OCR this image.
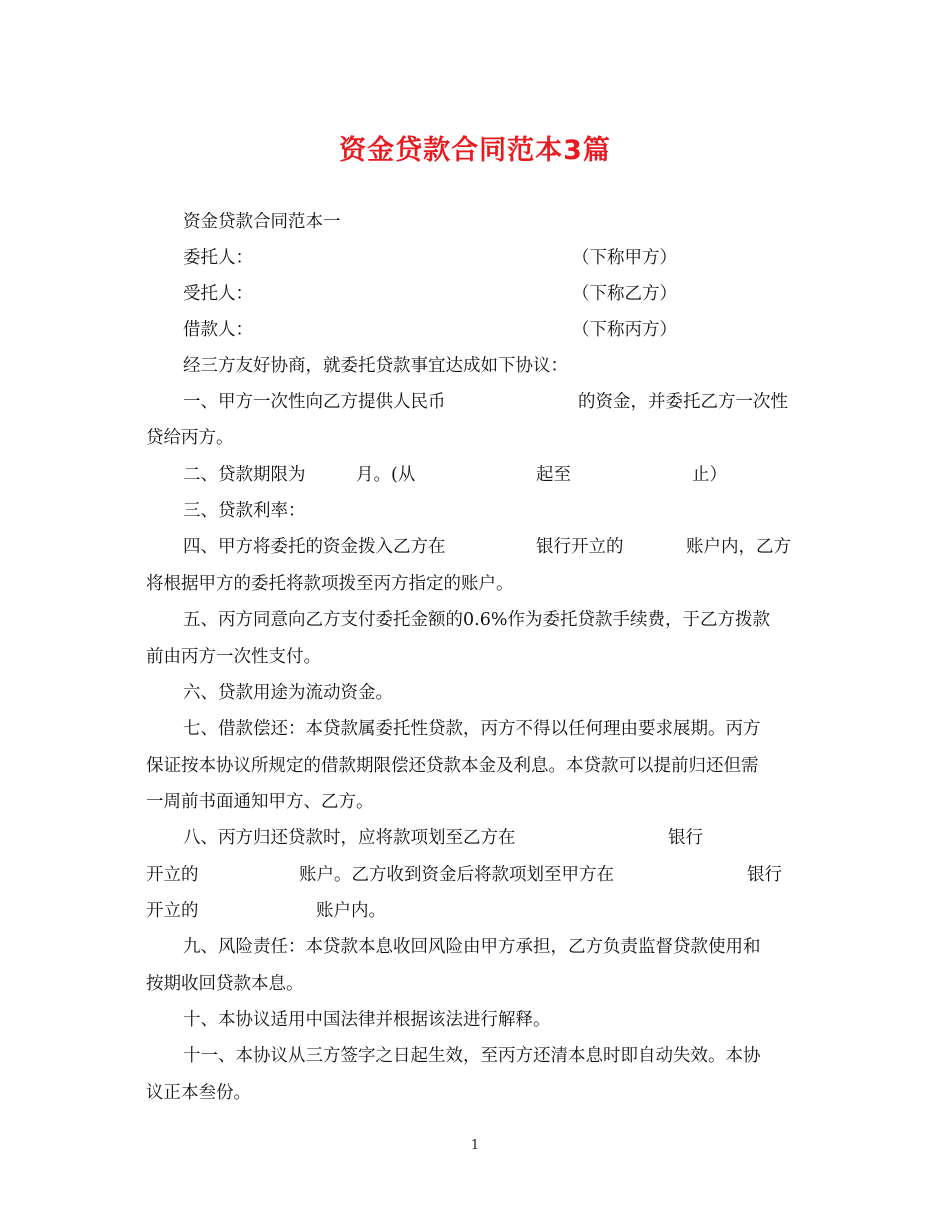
资金贷款合同范本3篇
资金贷款合同范本一
委托人：	（下称甲方）
受托人：	（下称乙方）
借款人：	（下称丙方）
经三方友好协商，就委托贷款事宜达成如下协议：
一、甲方一次性向乙方提供人民币	的资金，并委托乙方一次性
贷给丙方。
二、贷款期限为	月。(从	起至	止）
三、贷款利率：
四、甲方将委托的资金拨入乙方在	银行开立的	账户内，乙方
将根据甲方的委托将款项拨至丙方指定的账户。
五、丙方同意向乙方支付委托金额的0.6%作为委托贷款手续费，于乙方拨款
前由丙方一次性支付。
六、贷款用途为流动资金。
七、借款偿还：本贷款属委托性贷款，丙方不得以任何理由要求展期。丙方
保证按本协议所规定的借款期限偿还贷款本金及利息。本贷款可以提前归还但需
一周前书面通知甲方、乙方。
八、丙方归还贷款时，应将款项划至乙方在	银行
开立的	账户。乙方收到资金后将款项划至甲方在	银行
开立的	账户内。
九、风险责任：本贷款本息收回风险由甲方承担，乙方负责监督贷款使用和
按期收回贷款本息。
十、本协议适用中国法律并根据该法进行解释。
十一、本协议从三方签字之日起生效，至丙方还清本息时即自动失效。本协
议正本叁份。
1
